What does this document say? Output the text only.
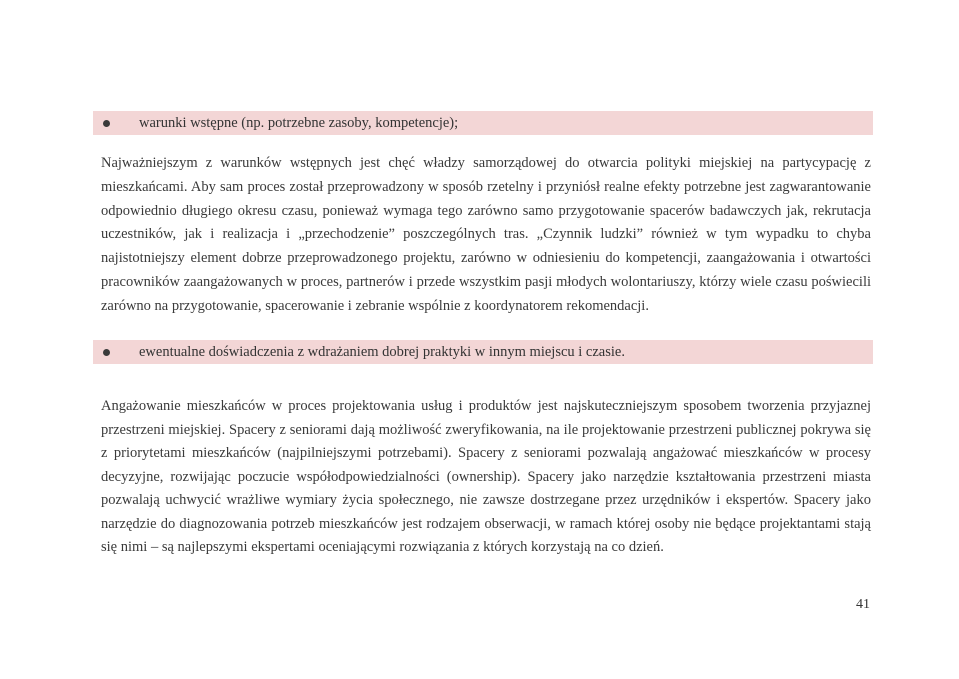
warunki wstępne (np. potrzebne zasoby, kompetencje);
Najważniejszym z warunków wstępnych jest chęć władzy samorządowej do otwarcia polityki miejskiej na partycypację z mieszkańcami. Aby sam proces został przeprowadzony w sposób rzetelny i przyniósł realne efekty potrzebne jest zagwarantowanie odpowiednio długiego okresu czasu, ponieważ wymaga tego zarówno samo przygotowanie spacerów badawczych jak, rekrutacja uczestników, jak i realizacja i „przechodzenie” poszczególnych tras. „Czynnik ludzki” również w tym wypadku to chyba najistotniejszy element dobrze przeprowadzonego projektu, zarówno w odniesieniu do kompetencji, zaangażowania i otwartości pracowników zaangażowanych w proces, partnerów i przede wszystkim pasji młodych wolontariuszy, którzy wiele czasu poświecili zarówno na przygotowanie, spacerowanie i zebranie wspólnie z koordynatorem rekomendacji.
ewentualne doświadczenia z wdrażaniem dobrej praktyki w innym miejscu i czasie.
Angażowanie mieszkańców w proces projektowania usług i produktów jest najskuteczniejszym sposobem tworzenia przyjaznej przestrzeni miejskiej. Spacery z seniorami dają możliwość zweryfikowania, na ile projektowanie przestrzeni publicznej pokrywa się z priorytetami mieszkańców (najpilniejszymi potrzebami). Spacery z seniorami pozwalają angażować mieszkańców w procesy decyzyjne, rozwijając poczucie współodpowiedzialności (ownership). Spacery jako narzędzie kształtowania przestrzeni miasta pozwalają uchwycić wrażliwe wymiary życia społecznego, nie zawsze dostrzegane przez urzędników i ekspertów. Spacery jako narzędzie do diagnozowania potrzeb mieszkańców jest rodzajem obserwacji, w ramach której osoby nie będące projektantami stają się nimi – są najlepszymi ekspertami oceniającymi rozwiązania z których korzystają na co dzień.
41
